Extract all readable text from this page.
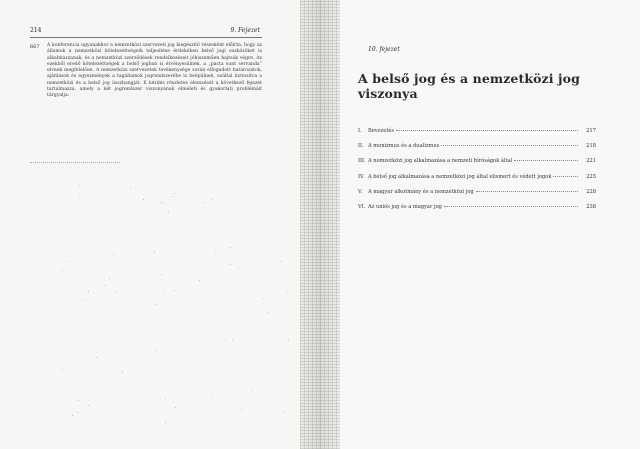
214	9. Fejezet
667 A konferencia ugyanakkor a nemzetközi szervezeti jog kiegészítő részeként előírta, hogy az államok a nemzetközi kötelezettségeik teljesítése érdekében belső jogi eszközöket is alkalmazzanak, és a nemzetközi szerződések rendelkezéseit jóhiszeműen hajtsák végre. Az ezekből eredő kötelezettségek a belső jogban is érvényesülnek, a „pacta sunt servanda” elvnek megfelelően. A nemzetközi szervezetek tevékenysége során elfogadott határozatok, ajánlások és egyezmények a tagállamok jogrendszerébe is beépülnek, ezáltal biztosítva a nemzetközi és a belső jog összhangját. E kérdés részletes elemzését a következő fejezet tartalmazza, amely a két jogrendszer viszonyának elméleti és gyakorlati problémáit tárgyalja.
10. fejezet
A belső jog és a nemzetközi jog viszonya
I.	Bevezetés	217
II. A monizmus és a dualizmus	218
III. A nemzetközi jog alkalmazása a nemzeti bíróságok által	221
IV. A belső jog alkalmazása a nemzetközi jog által elismert és védett jogok	225
V.	A magyar alkotmány és a nemzetközi jog	228
VI. Az uniós jog és a magyar jog	238
